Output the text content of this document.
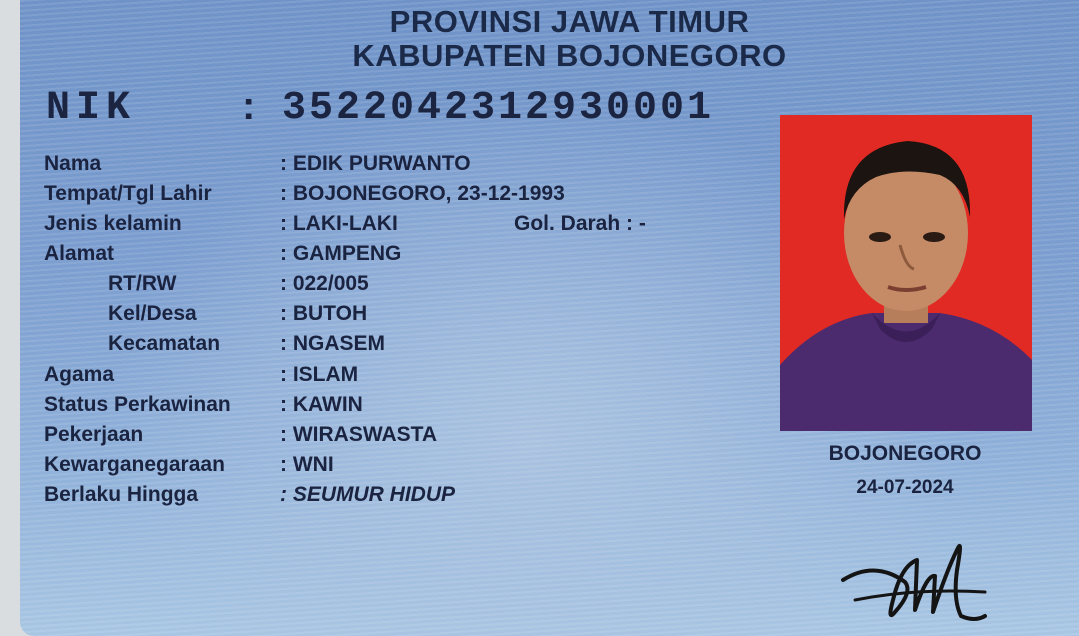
PROVINSI JAWA TIMUR
KABUPATEN BOJONEGORO
NIK	: 3522042312930001
Nama	: EDIK PURWANTO
Tempat/Tgl Lahir	: BOJONEGORO, 23-12-1993
Jenis kelamin	: LAKI-LAKI	Gol. Darah : -
Alamat	: GAMPENG
RT/RW	: 022/005
Kel/Desa	: BUTOH
Kecamatan	: NGASEM
Agama	: ISLAM
Status Perkawinan : KAWIN
Pekerjaan	: WIRASWASTA
Kewarganegaraan	: WNI
Berlaku Hingga	: SEUMUR HIDUP
BOJONEGORO
24-07-2024
